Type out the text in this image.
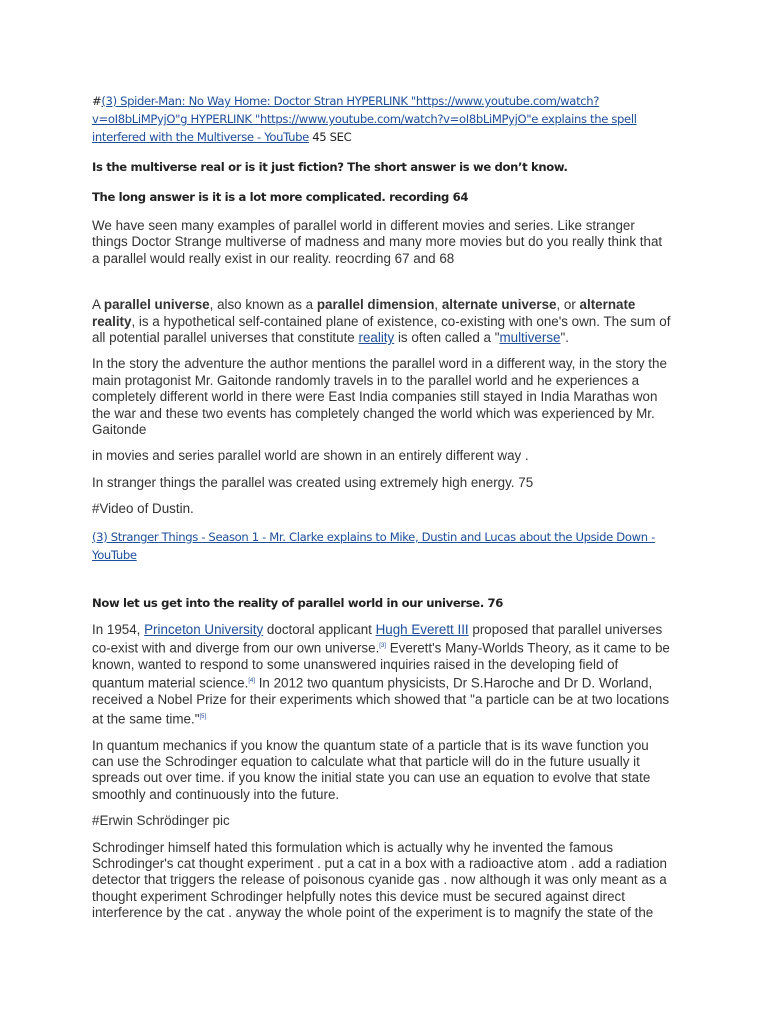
#(3) Spider-Man: No Way Home: Doctor Stran HYPERLINK "https://www.youtube.com/watch?v=oI8bLiMPyjO"g HYPERLINK "https://www.youtube.com/watch?v=oI8bLiMPyjO"e explains the spell interfered with the Multiverse - YouTube 45 SEC

Is the multiverse real or is it just fiction? The short answer is we don’t know.

The long answer is it is a lot more complicated. recording 64

We have seen many examples of parallel world in different movies and series. Like stranger things Doctor Strange multiverse of madness and many more movies but do you really think that a parallel would really exist in our reality. reocrding 67 and 68

A parallel universe, also known as a parallel dimension, alternate universe, or alternate reality, is a hypothetical self-contained plane of existence, co-existing with one's own. The sum of all potential parallel universes that constitute reality is often called a "multiverse".

In the story the adventure the author mentions the parallel word in a different way, in the story the main protagonist Mr. Gaitonde randomly travels in to the parallel world and he experiences a completely different world in there were East India companies still stayed in India Marathas won the war and these two events has completely changed the world which was experienced by Mr. Gaitonde

in movies and series parallel world are shown in an entirely different way .

In stranger things the parallel was created using extremely high energy. 75

#Video of Dustin.

(3) Stranger Things - Season 1 - Mr. Clarke explains to Mike, Dustin and Lucas about the Upside Down - YouTube

Now let us get into the reality of parallel world in our universe. 76

In 1954, Princeton University doctoral applicant Hugh Everett III proposed that parallel universes co-exist with and diverge from our own universe.[3] Everett's Many-Worlds Theory, as it came to be known, wanted to respond to some unanswered inquiries raised in the developing field of quantum material science.[4] In 2012 two quantum physicists, Dr S.Haroche and Dr D. Worland, received a Nobel Prize for their experiments which showed that "a particle can be at two locations at the same time."[5]

In quantum mechanics if you know the quantum state of a particle that is its wave function you can use the Schrodinger equation to calculate what that particle will do in the future usually it spreads out over time. if you know the initial state you can use an equation to evolve that state smoothly and continuously into the future.

#Erwin Schrödinger pic

Schrodinger himself hated this formulation which is actually why he invented the famous Schrodinger's cat thought experiment . put a cat in a box with a radioactive atom . add a radiation detector that triggers the release of poisonous cyanide gas . now although it was only meant as a thought experiment Schrodinger helpfully notes this device must be secured against direct interference by the cat . anyway the whole point of the experiment is to magnify the state of the
